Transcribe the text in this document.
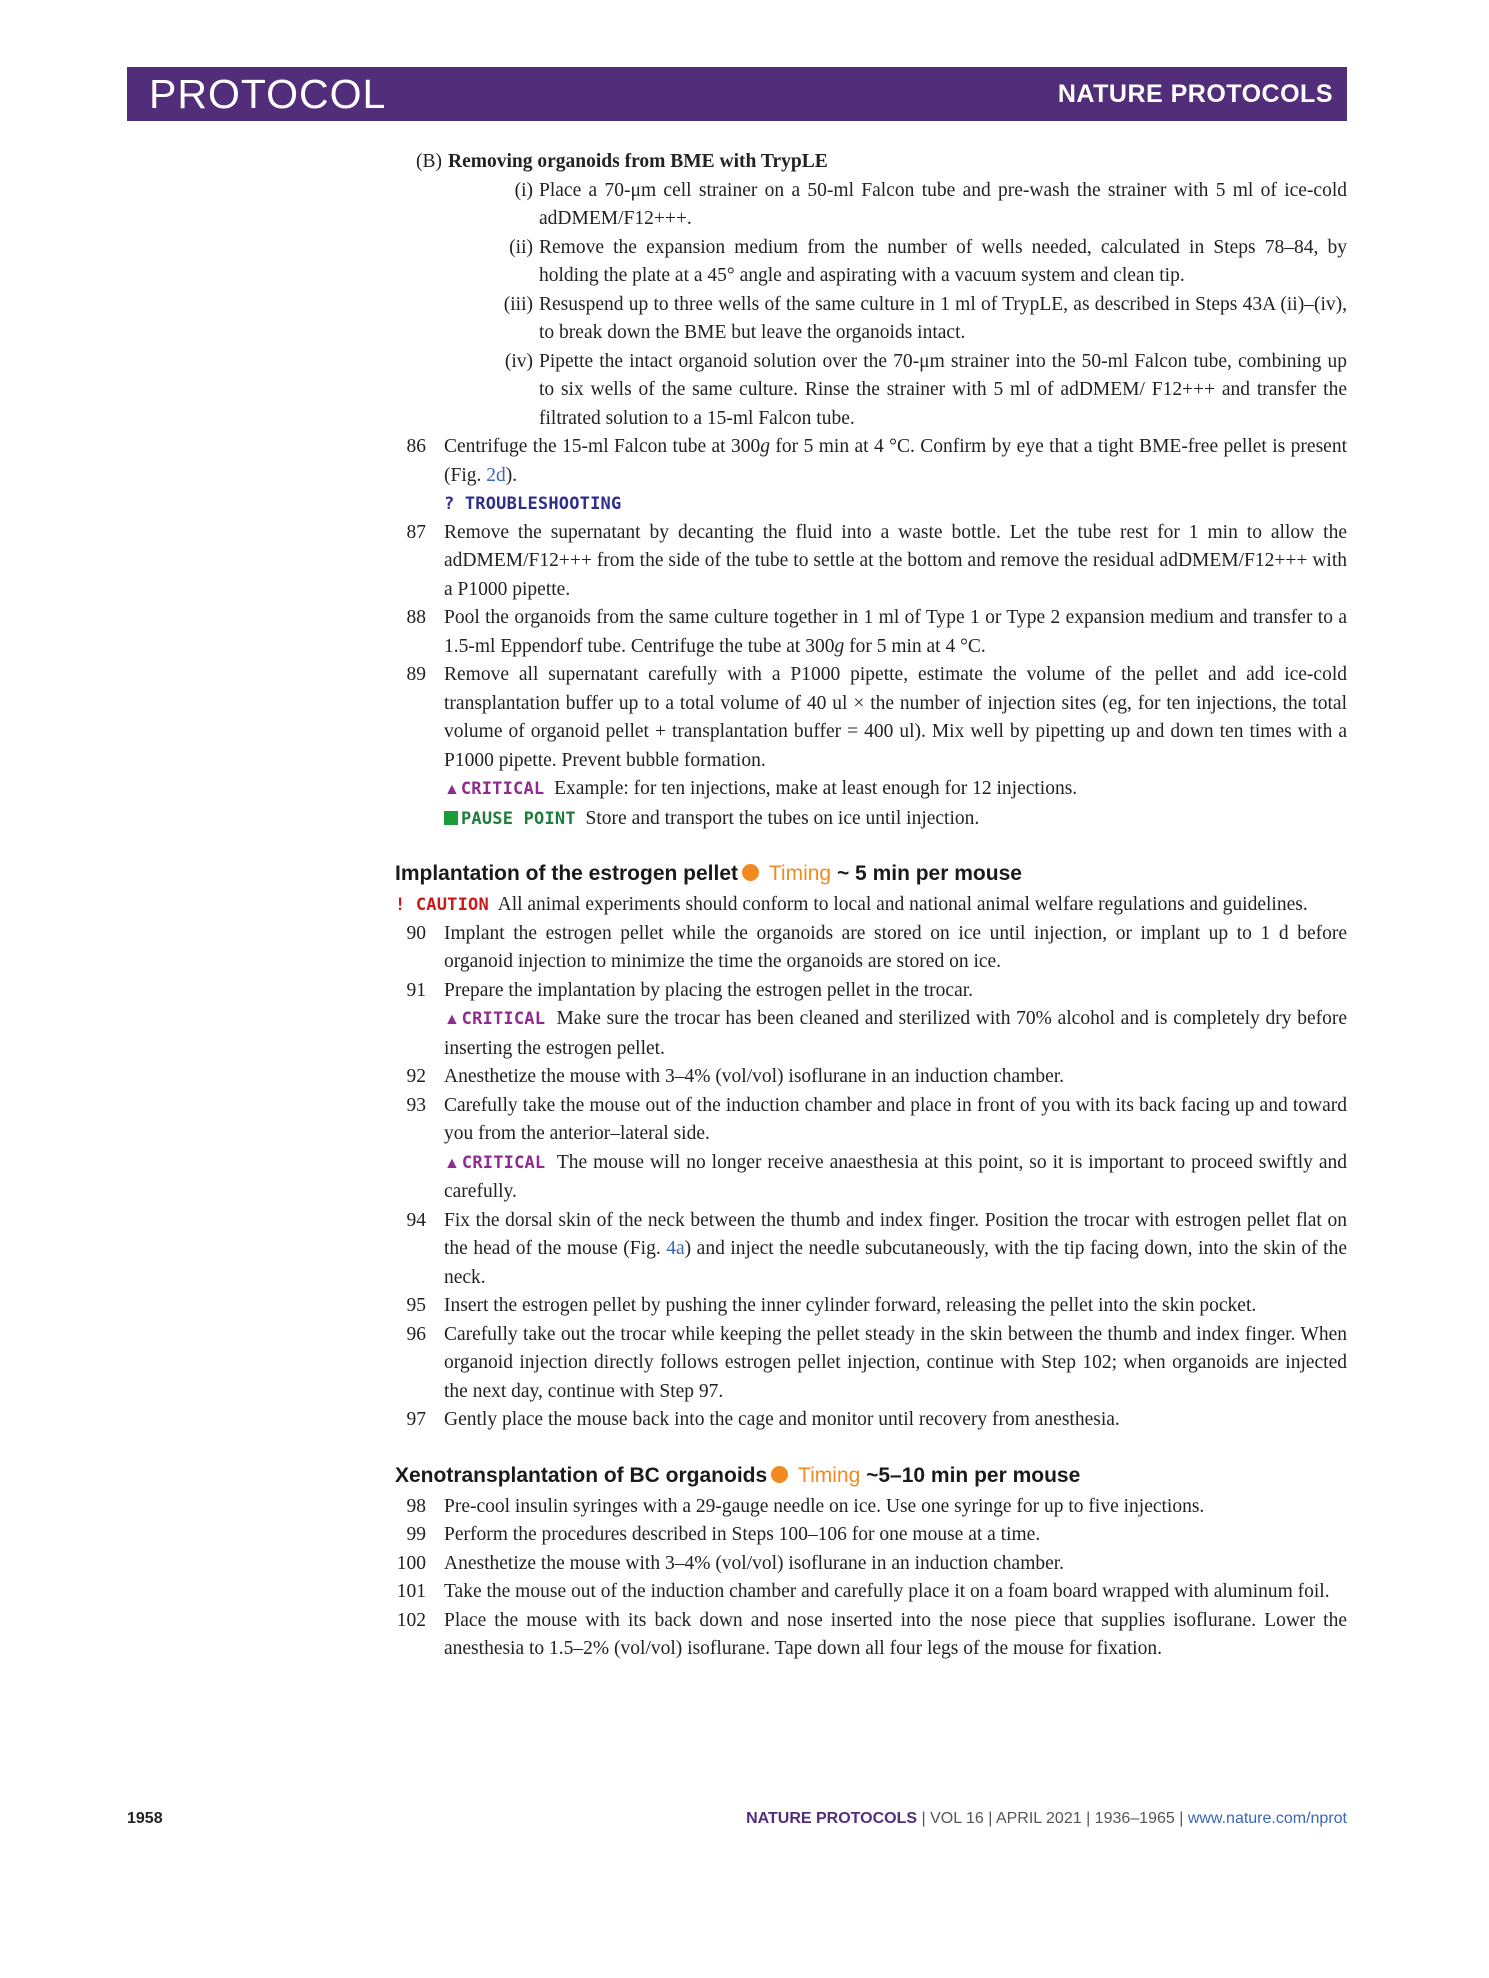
PROTOCOL	NATURE PROTOCOLS
(B) Removing organoids from BME with TrypLE
(i) Place a 70-μm cell strainer on a 50-ml Falcon tube and pre-wash the strainer with 5 ml of ice-cold adDMEM/F12+++.
(ii) Remove the expansion medium from the number of wells needed, calculated in Steps 78–84, by holding the plate at a 45° angle and aspirating with a vacuum system and clean tip.
(iii) Resuspend up to three wells of the same culture in 1 ml of TrypLE, as described in Steps 43A (ii)–(iv), to break down the BME but leave the organoids intact.
(iv) Pipette the intact organoid solution over the 70-μm strainer into the 50-ml Falcon tube, combining up to six wells of the same culture. Rinse the strainer with 5 ml of adDMEM/ F12+++ and transfer the filtrated solution to a 15-ml Falcon tube.
86 Centrifuge the 15-ml Falcon tube at 300g for 5 min at 4 °C. Confirm by eye that a tight BME-free pellet is present (Fig. 2d).
? TROUBLESHOOTING
87 Remove the supernatant by decanting the fluid into a waste bottle. Let the tube rest for 1 min to allow the adDMEM/F12+++ from the side of the tube to settle at the bottom and remove the residual adDMEM/F12+++ with a P1000 pipette.
88 Pool the organoids from the same culture together in 1 ml of Type 1 or Type 2 expansion medium and transfer to a 1.5-ml Eppendorf tube. Centrifuge the tube at 300g for 5 min at 4 °C.
89 Remove all supernatant carefully with a P1000 pipette, estimate the volume of the pellet and add ice-cold transplantation buffer up to a total volume of 40 ul × the number of injection sites (eg, for ten injections, the total volume of organoid pellet + transplantation buffer = 400 ul). Mix well by pipetting up and down ten times with a P1000 pipette. Prevent bubble formation.
▲CRITICAL Example: for ten injections, make at least enough for 12 injections.
PAUSE POINT Store and transport the tubes on ice until injection.
Implantation of the estrogen pellet Timing ~ 5 min per mouse
! CAUTION All animal experiments should conform to local and national animal welfare regulations and guidelines.
90 Implant the estrogen pellet while the organoids are stored on ice until injection, or implant up to 1 d before organoid injection to minimize the time the organoids are stored on ice.
91 Prepare the implantation by placing the estrogen pellet in the trocar.
▲CRITICAL Make sure the trocar has been cleaned and sterilized with 70% alcohol and is completely dry before inserting the estrogen pellet.
92 Anesthetize the mouse with 3–4% (vol/vol) isoflurane in an induction chamber.
93 Carefully take the mouse out of the induction chamber and place in front of you with its back facing up and toward you from the anterior–lateral side.
▲CRITICAL The mouse will no longer receive anaesthesia at this point, so it is important to proceed swiftly and carefully.
94 Fix the dorsal skin of the neck between the thumb and index finger. Position the trocar with estrogen pellet flat on the head of the mouse (Fig. 4a) and inject the needle subcutaneously, with the tip facing down, into the skin of the neck.
95 Insert the estrogen pellet by pushing the inner cylinder forward, releasing the pellet into the skin pocket.
96 Carefully take out the trocar while keeping the pellet steady in the skin between the thumb and index finger. When organoid injection directly follows estrogen pellet injection, continue with Step 102; when organoids are injected the next day, continue with Step 97.
97 Gently place the mouse back into the cage and monitor until recovery from anesthesia.
Xenotransplantation of BC organoids Timing ~5–10 min per mouse
98 Pre-cool insulin syringes with a 29-gauge needle on ice. Use one syringe for up to five injections.
99 Perform the procedures described in Steps 100–106 for one mouse at a time.
100 Anesthetize the mouse with 3–4% (vol/vol) isoflurane in an induction chamber.
101 Take the mouse out of the induction chamber and carefully place it on a foam board wrapped with aluminum foil.
102 Place the mouse with its back down and nose inserted into the nose piece that supplies isoflurane. Lower the anesthesia to 1.5–2% (vol/vol) isoflurane. Tape down all four legs of the mouse for fixation.
1958	NATURE PROTOCOLS | VOL 16 | APRIL 2021 | 1936–1965 | www.nature.com/nprot
